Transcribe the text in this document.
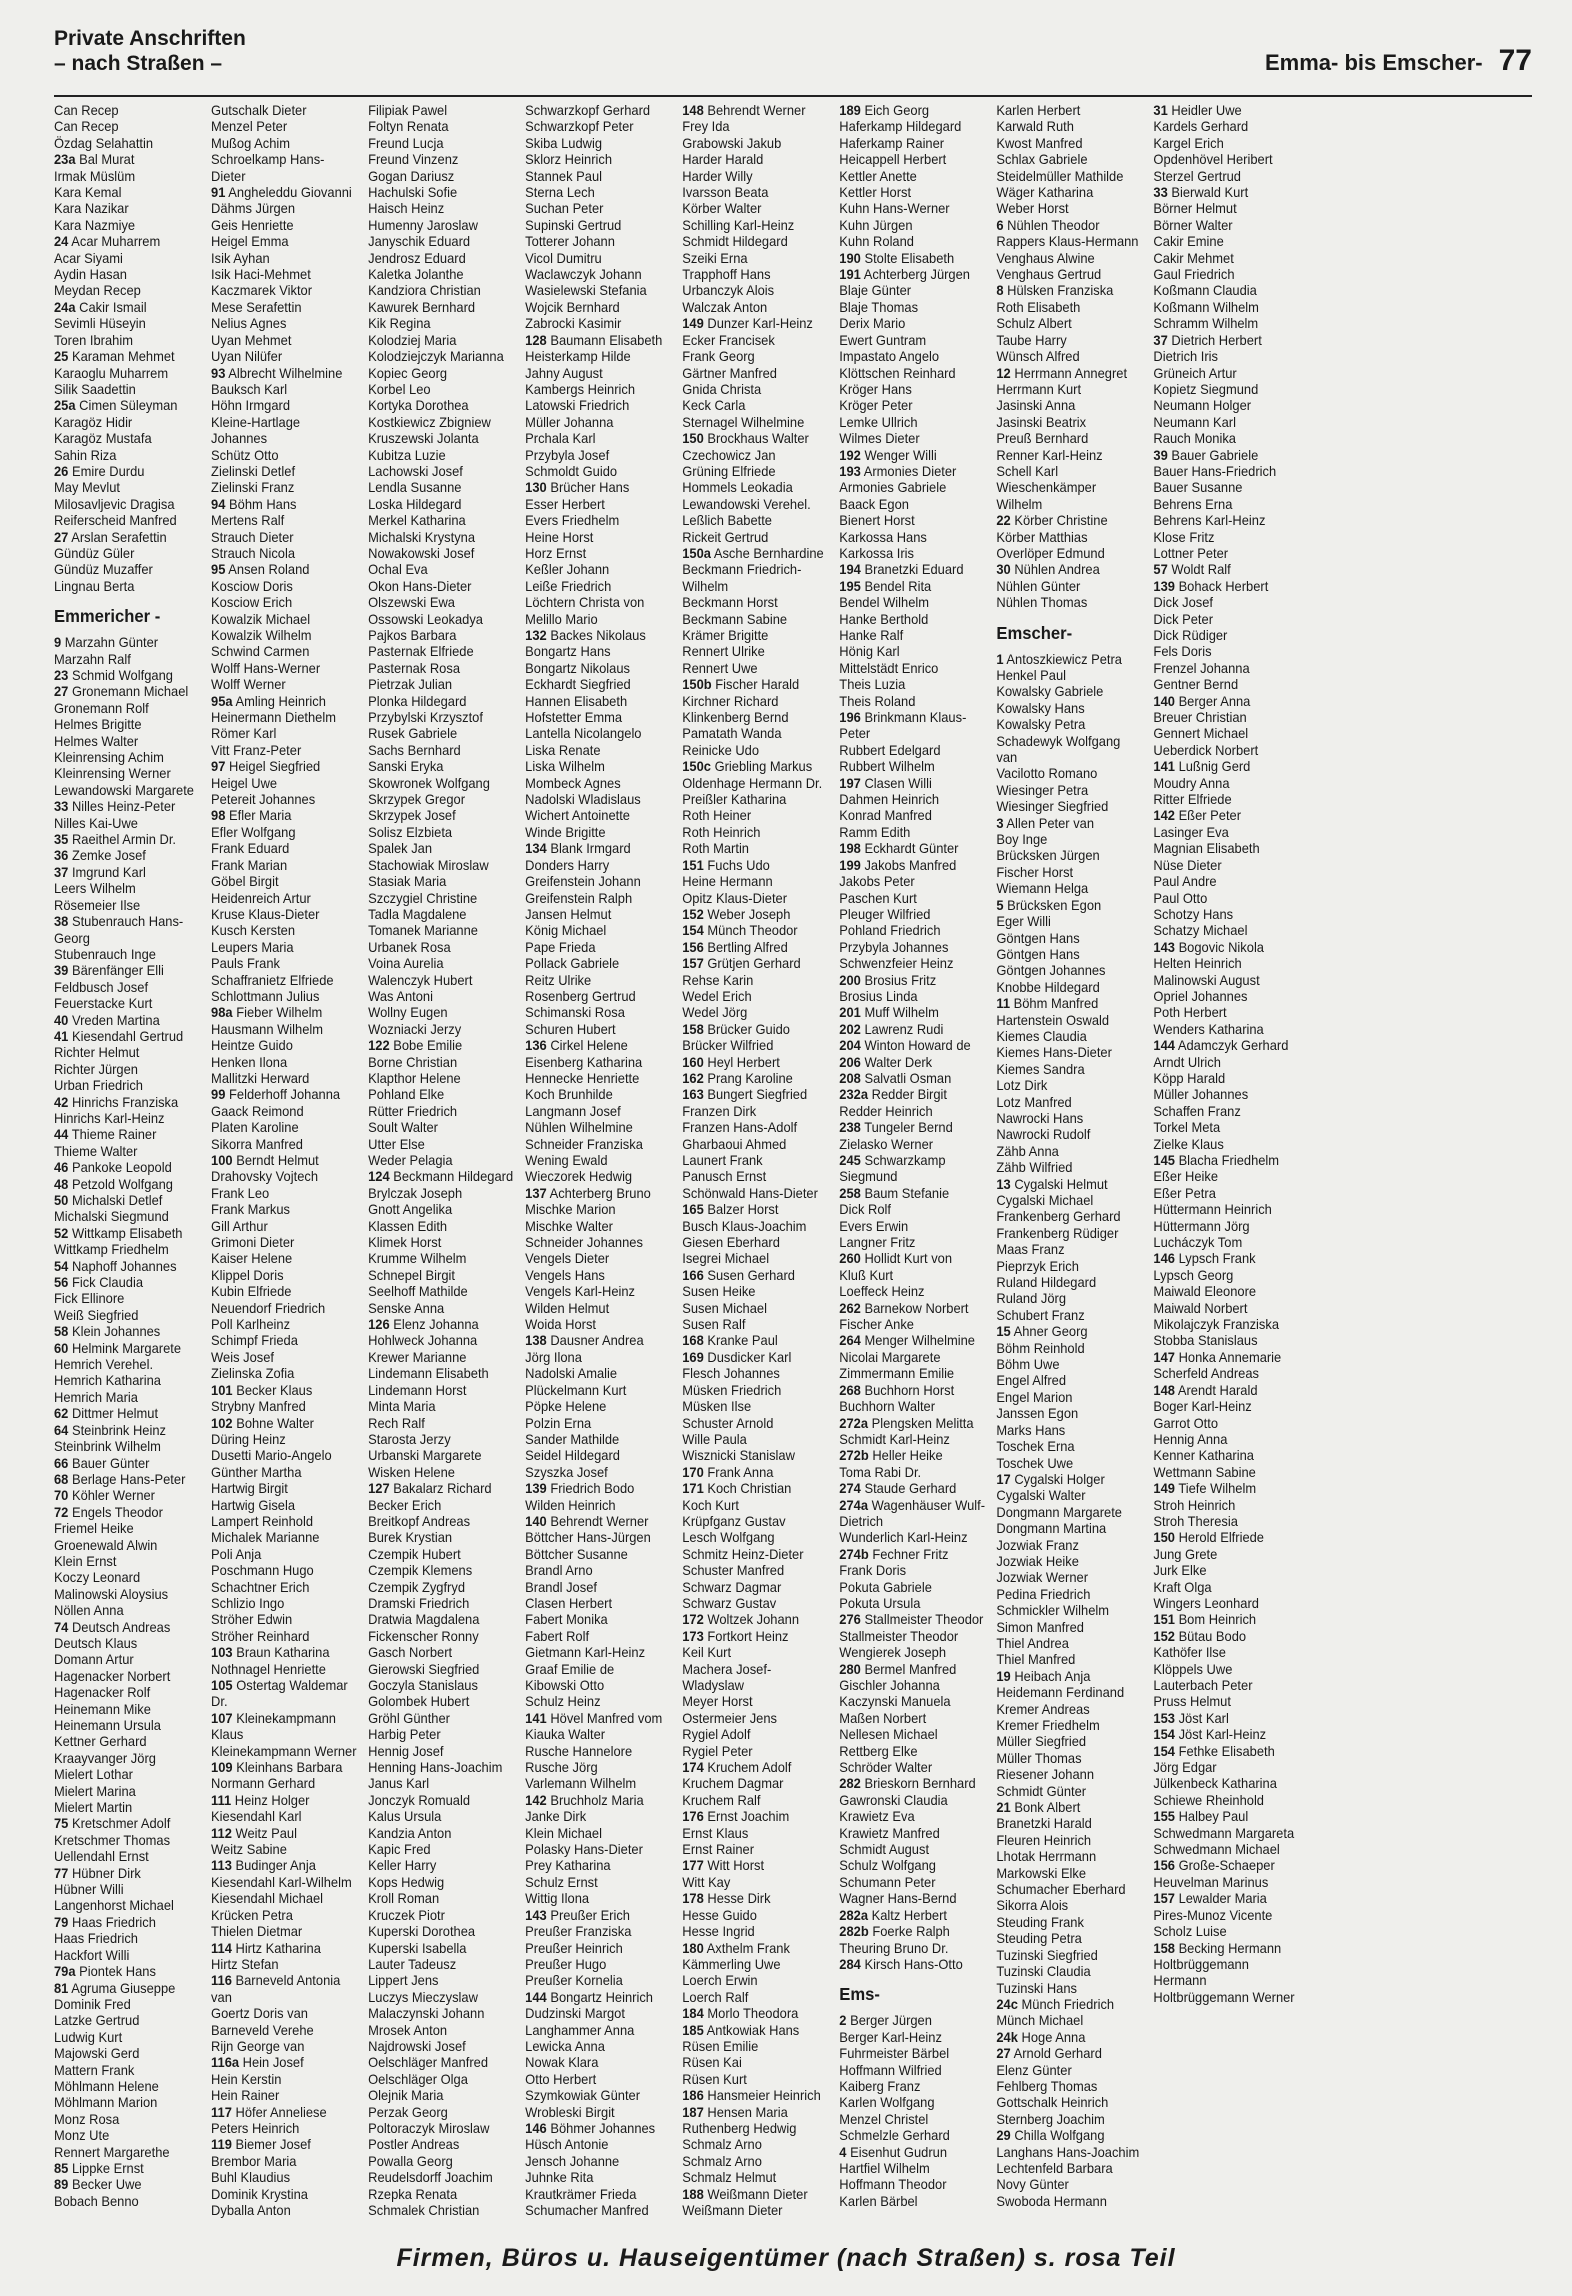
Private Anschriften
– nach Straßen –	Emma- bis Emscher- 77
Can Recep
Can Recep
Özdag Selahattin
23a Bal Murat
Irmak Müslüm
Kara Kemal
Kara Nazikar
Kara Nazmiye
24 Acar Muharrem
Acar Siyami
Aydin Hasan
Meydan Recep
24a Cakir Ismail
Sevimli Hüseyin
Toren Ibrahim
25 Karaman Mehmet
Karaoglu Muharrem
Silik Saadettin
25a Cimen Süleyman
Karagöz Hidir
Karagöz Mustafa
Sahin Riza
26 Emire Durdu
May Mevlut
Milosavljevic Dragisa
Reiferscheid Manfred
27 Arslan Serafettin
Gündüz Güler
Gündüz Muzaffer
Lingnau Berta
Emmericher -
9 Marzahn Günter
Marzahn Ralf
23 Schmid Wolfgang
27 Gronemann Michael
Gronemann Rolf
Helmes Brigitte
Helmes Walter
Kleinrensing Achim
Kleinrensing Werner
Lewandowski Margarete
33 Nilles Heinz-Peter
Nilles Kai-Uwe
35 Raeithel Armin Dr.
36 Zemke Josef
37 Imgrund Karl
Leers Wilhelm
Rösemeier Ilse
38 Stubenrauch Hans-Georg
Stubenrauch Inge
39 Bärenfänger Elli
Feldbusch Josef
Feuerstacke Kurt
40 Vreden Martina
41 Kiesendahl Gertrud
Richter Helmut
Richter Jürgen
Urban Friedrich
42 Hinrichs Franziska
Hinrichs Karl-Heinz
44 Thieme Rainer
Thieme Walter
46 Pankoke Leopold
48 Petzold Wolfgang
50 Michalski Detlef
Michalski Siegmund
52 Wittkamp Elisabeth
Wittkamp Friedhelm
54 Naphoff Johannes
56 Fick Claudia
Fick Ellinore
Weiß Siegfried
58 Klein Johannes
60 Helmink Margarete
Hemrich Verehel.
Hemrich Katharina
Hemrich Maria
62 Dittmer Helmut
64 Steinbrink Heinz
Steinbrink Wilhelm
66 Bauer Günter
68 Berlage Hans-Peter
70 Köhler Werner
72 Engels Theodor
Friemel Heike
Groenewald Alwin
Klein Ernst
Koczy Leonard
Malinowski Aloysius
Nöllen Anna
74 Deutsch Andreas
Deutsch Klaus
Domann Artur
Hagenacker Norbert
Hagenacker Rolf
Heinemann Mike
Heinemann Ursula
Kettner Gerhard
Kraayvanger Jörg
Mielert Lothar
Mielert Marina
Mielert Martin
75 Kretschmer Adolf
Kretschmer Thomas
Uellendahl Ernst
77 Hübner Dirk
Hübner Willi
Langenhorst Michael
79 Haas Friedrich
Haas Friedrich
Hackfort Willi
79a Piontek Hans
81 Agruma Giuseppe
Dominik Fred
Latzke Gertrud
Ludwig Kurt
Majowski Gerd
Mattern Frank
Möhlmann Helene
Möhlmann Marion
Monz Rosa
Monz Ute
Rennert Margarethe
85 Lippke Ernst
89 Becker Uwe
Bobach Benno
Gutschalk Dieter
Menzel Peter
Mußog Achim
Schroelkamp Hans-Dieter
91 Angheleddu Giovanni
Dähms Jürgen
Geis Henriette
Heigel Emma
Isik Ayhan
Isik Haci-Mehmet
Kaczmarek Viktor
Mese Serafettin
Nelius Agnes
Uyan Mehmet
Uyan Nilüfer
93 Albrecht Wilhelmine
Bauksch Karl
Höhn Irmgard
Kleine-Hartlage Johannes
Schütz Otto
Zielinski Detlef
Zielinski Franz
94 Böhm Hans
Mertens Ralf
Strauch Dieter
Strauch Nicola
95 Ansen Roland
Kosciow Doris
Kosciow Erich
Kowalzik Michael
Kowalzik Wilhelm
Schwind Carmen
Wolff Hans-Werner
Wolff Werner
95a Amling Heinrich
Heinermann Diethelm
Römer Karl
Vitt Franz-Peter
97 Heigel Siegfried
Heigel Uwe
Petereit Johannes
98 Efler Maria
Efler Wolfgang
Frank Eduard
Frank Marian
Göbel Birgit
Heidenreich Artur
Kruse Klaus-Dieter
Kusch Kersten
Leupers Maria
Pauls Frank
Schaffranietz Elfriede
Schlottmann Julius
98a Fieber Wilhelm
Hausmann Wilhelm
Heintze Guido
Henken Ilona
Mallitzki Herward
99 Felderhoff Johanna
Gaack Reimond
Platen Karoline
Sikorra Manfred
100 Berndt Helmut
Drahovsky Vojtech
Frank Leo
Frank Markus
Gill Arthur
Grimoni Dieter
Kaiser Helene
Klippel Doris
Kubin Elfriede
Neuendorf Friedrich
Poll Karlheinz
Schimpf Frieda
Weis Josef
Zielinska Zofia
101 Becker Klaus
Strybny Manfred
102 Bohne Walter
Düring Heinz
Dusetti Mario-Angelo
Günther Martha
Hartwig Birgit
Hartwig Gisela
Lampert Reinhold
Michalek Marianne
Poli Anja
Poschmann Hugo
Schachtner Erich
Schlizio Ingo
Ströher Edwin
Ströher Reinhard
103 Braun Katharina
Nothnagel Henriette
105 Ostertag Waldemar Dr.
107 Kleinekampmann Klaus
Kleinekampmann Werner
109 Kleinhans Barbara
Normann Gerhard
111 Heinz Holger
Kiesendahl Karl
112 Weitz Paul
Weitz Sabine
113 Budinger Anja
Kiesendahl Karl-Wilhelm
Kiesendahl Michael
Krücken Petra
Thielen Dietmar
114 Hirtz Katharina
Hirtz Stefan
116 Barneveld Antonia van
Goertz Doris van Barneveld Verehe
Rijn George van
116a Hein Josef
Hein Kerstin
Hein Rainer
117 Höfer Anneliese
Peters Heinrich
119 Biemer Josef
Brembor Maria
Buhl Klaudius
Dominik Krystina
Dyballa Anton
Filipiak Pawel
Foltyn Renata
Freund Lucja
Freund Vinzenz
Gogan Dariusz
Hachulski Sofie
Haisch Heinz
Humenny Jaroslaw
Janyschik Eduard
Jendrosz Eduard
Kaletka Jolanthe
Kandziora Christian
Kawurek Bernhard
Kik Regina
Kolodziej Maria
Kolodziejczyk Marianna
Kopiec Georg
Korbel Leo
Kortyka Dorothea
Kostkiewicz Zbigniew
Kruszewski Jolanta
Kubitza Luzie
Lachowski Josef
Lendla Susanne
Loska Hildegard
Merkel Katharina
Michalski Krystyna
Nowakowski Josef
Ochal Eva
Okon Hans-Dieter
Olszewski Ewa
Ossowski Leokadya
Pajkos Barbara
Pasternak Elfriede
Pasternak Rosa
Pietrzak Julian
Plonka Hildegard
Przybylski Krzysztof
Rusek Gabriele
Sachs Bernhard
Sanski Eryka
Skowronek Wolfgang
Skrzypek Gregor
Skrzypek Josef
Solisz Elzbieta
Spalek Jan
Stachowiak Miroslaw
Stasiak Maria
Szczygiel Christine
Tadla Magdalene
Tomanek Marianne
Urbanek Rosa
Voina Aurelia
Walenczyk Hubert
Was Antoni
Wollny Eugen
Wozniacki Jerzy
122 Bobe Emilie
Borne Christian
Klapthor Helene
Pohland Elke
Rütter Friedrich
Soult Walter
Utter Else
Weder Pelagia
124 Beckmann Hildegard
Brylczak Joseph
Gnott Angelika
Klassen Edith
Klimek Horst
Krumme Wilhelm
Schnepel Birgit
Seelhoff Mathilde
Senske Anna
126 Elenz Johanna
Hohlweck Johanna
Krewer Marianne
Lindemann Elisabeth
Lindemann Horst
Minta Maria
Rech Ralf
Starosta Jerzy
Urbanski Margarete
Wisken Helene
127 Bakalarz Richard
Becker Erich
Breitkopf Andreas
Burek Krystian
Czempik Hubert
Czempik Klemens
Czempik Zygfryd
Dramski Friedrich
Dratwia Magdalena
Fickenscher Ronny
Gasch Norbert
Gierowski Siegfried
Goczyla Stanislaus
Golombek Hubert
Gröhl Günther
Harbig Peter
Hennig Josef
Henning Hans-Joachim
Janus Karl
Jonczyk Romuald
Kalus Ursula
Kandzia Anton
Kapic Fred
Keller Harry
Kops Hedwig
Kroll Roman
Kruczek Piotr
Kuperski Dorothea
Kuperski Isabella
Lauter Tadeusz
Lippert Jens
Luczys Mieczyslaw
Malaczynski Johann
Mrosek Anton
Najdrowski Josef
Oelschläger Manfred
Oelschläger Olga
Olejnik Maria
Perzak Georg
Poltoraczyk Miroslaw
Postler Andreas
Powalla Georg
Reudelsdorff Joachim
Rzepka Renata
Schmalek Christian
Schwarzkopf Gerhard
Schwarzkopf Peter
Skiba Ludwig
Sklorz Heinrich
Stannek Paul
Sterna Lech
Suchan Peter
Supinski Gertrud
Totterer Johann
Vicol Dumitru
Waclawczyk Johann
Wasielewski Stefania
Wojcik Bernhard
Zabrocki Kasimir
128 Baumann Elisabeth
Heisterkamp Hilde
Jahny August
Kambergs Heinrich
Latowski Friedrich
Müller Johanna
Prchala Karl
Przybyla Josef
Schmoldt Guido
130 Brücher Hans
Esser Herbert
Evers Friedhelm
Heine Horst
Horz Ernst
Keßler Johann
Leiße Friedrich
Löchtern Christa von
Melillo Mario
132 Backes Nikolaus
Bongartz Hans
Bongartz Nikolaus
Eckhardt Siegfried
Hannen Elisabeth
Hofstetter Emma
Lantella Nicolangelo
Liska Renate
Liska Wilhelm
Mombeck Agnes
Nadolski Wladislaus
Wichert Antoinette
Winde Brigitte
134 Blank Irmgard
Donders Harry
Greifenstein Johann
Greifenstein Ralph
Jansen Helmut
König Michael
Pape Frieda
Pollack Gabriele
Reitz Ulrike
Rosenberg Gertrud
Schimanski Rosa
Schuren Hubert
136 Cirkel Helene
Eisenberg Katharina
Hennecke Henriette
Koch Brunhilde
Langmann Josef
Nühlen Wilhelmine
Schneider Franziska
Wening Ewald
Wieczorek Hedwig
137 Achterberg Bruno
Mischke Marion
Mischke Walter
Schneider Johannes
Vengels Dieter
Vengels Hans
Vengels Karl-Heinz
Wilden Helmut
Woida Horst
138 Dausner Andrea
Jörg Ilona
Nadolski Amalie
Plückelmann Kurt
Pöpke Helene
Polzin Erna
Sander Mathilde
Seidel Hildegard
Szyszka Josef
139 Friedrich Bodo
Wilden Heinrich
140 Behrendt Werner
Böttcher Hans-Jürgen
Böttcher Susanne
Brandl Arno
Brandl Josef
Clasen Herbert
Fabert Monika
Fabert Rolf
Gietmann Karl-Heinz
Graaf Emilie de
Kibowski Otto
Schulz Heinz
141 Hövel Manfred vom
Kiauka Walter
Rusche Hannelore
Rusche Jörg
Varlemann Wilhelm
142 Bruchholz Maria
Janke Dirk
Klein Michael
Polasky Hans-Dieter
Prey Katharina
Schulz Ernst
Wittig Ilona
143 Preußer Erich
Preußer Franziska
Preußer Heinrich
Preußer Hugo
Preußer Kornelia
144 Bongartz Heinrich
Dudzinski Margot
Langhammer Anna
Lewicka Anna
Nowak Klara
Otto Herbert
Szymkowiak Günter
Wrobleski Birgit
146 Böhmer Johannes
Hüsch Antonie
Jensch Johanne
Juhnke Rita
Krautkrämer Frieda
Schumacher Manfred
148 Behrendt Werner
Frey Ida
Grabowski Jakub
Harder Harald
Harder Willy
Ivarsson Beata
Körber Walter
Schilling Karl-Heinz
Schmidt Hildegard
Szeiki Erna
Trapphoff Hans
Urbanczyk Alois
Walczak Anton
149 Dunzer Karl-Heinz
Ecker Francisek
Frank Georg
Gärtner Manfred
Gnida Christa
Keck Carla
Sternagel Wilhelmine
150 Brockhaus Walter
Czechowicz Jan
Grüning Elfriede
Hommels Leokadia
Lewandowski Verehel.
Leßlich Babette
Rickeit Gertrud
150a Asche Bernhardine
Beckmann Friedrich-Wilhelm
Beckmann Horst
Beckmann Sabine
Krämer Brigitte
Rennert Ulrike
Rennert Uwe
150b Fischer Harald
Kirchner Richard
Klinkenberg Bernd
Pamatath Wanda
Reinicke Udo
150c Griebling Markus
Oldenhage Hermann Dr.
Preißler Katharina
Roth Heiner
Roth Heinrich
Roth Martin
151 Fuchs Udo
Heine Hermann
Opitz Klaus-Dieter
152 Weber Joseph
154 Münch Theodor
156 Bertling Alfred
157 Grütjen Gerhard
Rehse Karin
Wedel Erich
Wedel Jörg
158 Brücker Guido
Brücker Wilfried
160 Heyl Herbert
162 Prang Karoline
163 Bungert Siegfried
Franzen Dirk
Franzen Hans-Adolf
Gharbaoui Ahmed
Launert Frank
Panusch Ernst
Schönwald Hans-Dieter
165 Balzer Horst
Busch Klaus-Joachim
Giesen Eberhard
Isegrei Michael
166 Susen Gerhard
Susen Heike
Susen Michael
Susen Ralf
168 Kranke Paul
169 Dusdicker Karl
Flesch Johannes
Müsken Friedrich
Müsken Ilse
Schuster Arnold
Wille Paula
Wisznicki Stanislaw
170 Frank Anna
171 Koch Christian
Koch Kurt
Krüpfganz Gustav
Lesch Wolfgang
Schmitz Heinz-Dieter
Schuster Manfred
Schwarz Dagmar
Schwarz Gustav
172 Woltzek Johann
173 Fortkort Heinz
Keil Kurt
Machera Josef-Wladyslaw
Meyer Horst
Ostermeier Jens
Rygiel Adolf
Rygiel Peter
174 Kruchem Adolf
Kruchem Dagmar
Kruchem Ralf
176 Ernst Joachim
Ernst Klaus
Ernst Rainer
177 Witt Horst
Witt Kay
178 Hesse Dirk
Hesse Guido
Hesse Ingrid
180 Axthelm Frank
Kämmerling Uwe
Loerch Erwin
Loerch Ralf
184 Morlo Theodora
185 Antkowiak Hans
Rüsen Emilie
Rüsen Kai
Rüsen Kurt
186 Hansmeier Heinrich
187 Hensen Maria
Ruthenberg Hedwig
Schmalz Arno
Schmalz Arno
Schmalz Helmut
188 Weißmann Dieter
Weißmann Dieter
189 Eich Georg
Haferkamp Hildegard
Haferkamp Rainer
Heicappell Herbert
Kettler Anette
Kettler Horst
Kuhn Hans-Werner
Kuhn Jürgen
Kuhn Roland
190 Stolte Elisabeth
191 Achterberg Jürgen
Blaje Günter
Blaje Thomas
Derix Mario
Ewert Guntram
Impastato Angelo
Klöttschen Reinhard
Kröger Hans
Kröger Peter
Lemke Ullrich
Wilmes Dieter
192 Wenger Willi
193 Armonies Dieter
Armonies Gabriele
Baack Egon
Bienert Horst
Karkossa Hans
Karkossa Iris
194 Branetzki Eduard
195 Bendel Rita
Bendel Wilhelm
Hanke Berthold
Hanke Ralf
Hönig Karl
Mittelstädt Enrico
Theis Luzia
Theis Roland
196 Brinkmann Klaus-Peter
Rubbert Edelgard
Rubbert Wilhelm
197 Clasen Willi
Dahmen Heinrich
Konrad Manfred
Ramm Edith
198 Eckhardt Günter
199 Jakobs Manfred
Jakobs Peter
Paschen Kurt
Pleuger Wilfried
Pohland Friedrich
Przybyla Johannes
Schwenzfeier Heinz
200 Brosius Fritz
Brosius Linda
201 Muff Wilhelm
202 Lawrenz Rudi
204 Winton Howard de
206 Walter Derk
208 Salvatli Osman
232a Redder Birgit
Redder Heinrich
238 Tungeler Bernd
Zielasko Werner
245 Schwarzkamp Siegmund
258 Baum Stefanie
Dick Rolf
Evers Erwin
Langner Fritz
260 Hollidt Kurt von
Kluß Kurt
Loeffeck Heinz
262 Barnekow Norbert
Fischer Anke
264 Menger Wilhelmine
Nicolai Margarete
Zimmermann Emilie
268 Buchhorn Horst
Buchhorn Walter
272a Plengsken Melitta
Schmidt Karl-Heinz
272b Heller Heike
Toma Rabi Dr.
274 Staude Gerhard
274a Wagenhäuser Wulf-Dietrich
Wunderlich Karl-Heinz
274b Fechner Fritz
Frank Doris
Pokuta Gabriele
Pokuta Ursula
276 Stallmeister Theodor
Stallmeister Theodor
Wengierek Joseph
280 Bermel Manfred
Gischler Johanna
Kaczynski Manuela
Maßen Norbert
Nellesen Michael
Rettberg Elke
Schröder Walter
282 Brieskorn Bernhard
Gawronski Claudia
Krawietz Eva
Krawietz Manfred
Schmidt August
Schulz Wolfgang
Schumann Peter
Wagner Hans-Bernd
282a Kaltz Herbert
282b Foerke Ralph
Theuring Bruno Dr.
284 Kirsch Hans-Otto
Ems-
2 Berger Jürgen
Berger Karl-Heinz
Fuhrmeister Bärbel
Hoffmann Wilfried
Kaiberg Franz
Karlen Wolfgang
Menzel Christel
Schmelzle Gerhard
4 Eisenhut Gudrun
Hartfiel Wilhelm
Hoffmann Theodor
Karlen Bärbel
Karlen Herbert
Karwald Ruth
Kwost Manfred
Schlax Gabriele
Steidelmüller Mathilde
Wäger Katharina
Weber Horst
6 Nühlen Theodor
Rappers Klaus-Hermann
Venghaus Alwine
Venghaus Gertrud
8 Hülsken Franziska
Roth Elisabeth
Schulz Albert
Taube Harry
Wünsch Alfred
12 Herrmann Annegret
Herrmann Kurt
Jasinski Anna
Jasinski Beatrix
Preuß Bernhard
Renner Karl-Heinz
Schell Karl
Wieschenkämper Wilhelm
22 Körber Christine
Körber Matthias
Overlöper Edmund
30 Nühlen Andrea
Nühlen Günter
Nühlen Thomas
Emscher-
1 Antoszkiewicz Petra
Henkel Paul
Kowalsky Gabriele
Kowalsky Hans
Kowalsky Petra
Schadewyk Wolfgang van
Vacilotto Romano
Wiesinger Petra
Wiesinger Siegfried
3 Allen Peter van
Boy Inge
Brücksken Jürgen
Fischer Horst
Wiemann Helga
5 Brücksken Egon
Eger Willi
Göntgen Hans
Göntgen Hans
Göntgen Johannes
Knobbe Hildegard
11 Böhm Manfred
Hartenstein Oswald
Kiemes Claudia
Kiemes Hans-Dieter
Kiemes Sandra
Lotz Dirk
Lotz Manfred
Nawrocki Hans
Nawrocki Rudolf
Zähb Anna
Zähb Wilfried
13 Cygalski Helmut
Cygalski Michael
Frankenberg Gerhard
Frankenberg Rüdiger
Maas Franz
Pieprzyk Erich
Ruland Hildegard
Ruland Jörg
Schubert Franz
15 Ahner Georg
Böhm Reinhold
Böhm Uwe
Engel Alfred
Engel Marion
Janssen Egon
Marks Hans
Toschek Erna
Toschek Uwe
17 Cygalski Holger
Cygalski Walter
Dongmann Margarete
Dongmann Martina
Jozwiak Franz
Jozwiak Heike
Jozwiak Werner
Pedina Friedrich
Schmickler Wilhelm
Simon Manfred
Thiel Andrea
Thiel Manfred
19 Heibach Anja
Heidemann Ferdinand
Kremer Andreas
Kremer Friedhelm
Müller Siegfried
Müller Thomas
Riesener Johann
Schmidt Günter
21 Bonk Albert
Branetzki Harald
Fleuren Heinrich
Lhotak Herrmann
Markowski Elke
Schumacher Eberhard
Sikorra Alois
Steuding Frank
Steuding Petra
Tuzinski Siegfried
Tuzinski Claudia
Tuzinski Hans
24c Münch Friedrich
Münch Michael
24k Hoge Anna
27 Arnold Gerhard
Elenz Günter
Fehlberg Thomas
Gottschalk Heinrich
Sternberg Joachim
29 Chilla Wolfgang
Langhans Hans-Joachim
Lechtenfeld Barbara
Novy Günter
Swoboda Hermann
31 Heidler Uwe
Kardels Gerhard
Kargel Erich
Opdenhövel Heribert
Sterzel Gertrud
33 Bierwald Kurt
Börner Helmut
Börner Walter
Cakir Emine
Cakir Mehmet
Gaul Friedrich
Koßmann Claudia
Koßmann Wilhelm
Schramm Wilhelm
37 Dietrich Herbert
Dietrich Iris
Grüneich Artur
Kopietz Siegmund
Neumann Holger
Neumann Karl
Rauch Monika
39 Bauer Gabriele
Bauer Hans-Friedrich
Bauer Susanne
Behrens Erna
Behrens Karl-Heinz
Klose Fritz
Lottner Peter
57 Woldt Ralf
139 Bohack Herbert
Dick Josef
Dick Peter
Dick Rüdiger
Fels Doris
Frenzel Johanna
Gentner Bernd
140 Berger Anna
Breuer Christian
Gennert Michael
Ueberdick Norbert
141 Lußnig Gerd
Moudry Anna
Ritter Elfriede
142 Eßer Peter
Lasinger Eva
Magnian Elisabeth
Nüse Dieter
Paul Andre
Paul Otto
Schotzy Hans
Schatzy Michael
143 Bogovic Nikola
Helten Heinrich
Malinowski August
Opriel Johannes
Poth Herbert
Wenders Katharina
144 Adamczyk Gerhard
Arndt Ulrich
Köpp Harald
Müller Johannes
Schaffen Franz
Torkel Meta
Zielke Klaus
145 Blacha Friedhelm
Eßer Heike
Eßer Petra
Hüttermann Heinrich
Hüttermann Jörg
Lucháczyk Tom
146 Lypsch Frank
Lypsch Georg
Maiwald Eleonore
Maiwald Norbert
Mikolajczyk Franziska
Stobba Stanislaus
147 Honka Annemarie
Scherfeld Andreas
148 Arendt Harald
Boger Karl-Heinz
Garrot Otto
Hennig Anna
Kenner Katharina
Wettmann Sabine
149 Tiefe Wilhelm
Stroh Heinrich
Stroh Theresia
150 Herold Elfriede
Jung Grete
Jurk Elke
Kraft Olga
Wingers Leonhard
151 Bom Heinrich
152 Bütau Bodo
Kathöfer Ilse
Klöppels Uwe
Lauterbach Peter
Pruss Helmut
153 Jöst Karl
154 Jöst Karl-Heinz
154 Fethke Elisabeth
Jörg Edgar
Jülkenbeck Katharina
Schiewe Rheinhold
155 Halbey Paul
Schwedmann Margareta
Schwedmann Michael
156 Große-Schaeper
Heuvelman Marinus
157 Lewalder Maria
Pires-Munoz Vicente
Scholz Luise
158 Becking Hermann
Holtbrüggemann Hermann
Holtbrüggemann Werner
Firmen, Büros u. Hauseigentümer (nach Straßen) s. rosa Teil
